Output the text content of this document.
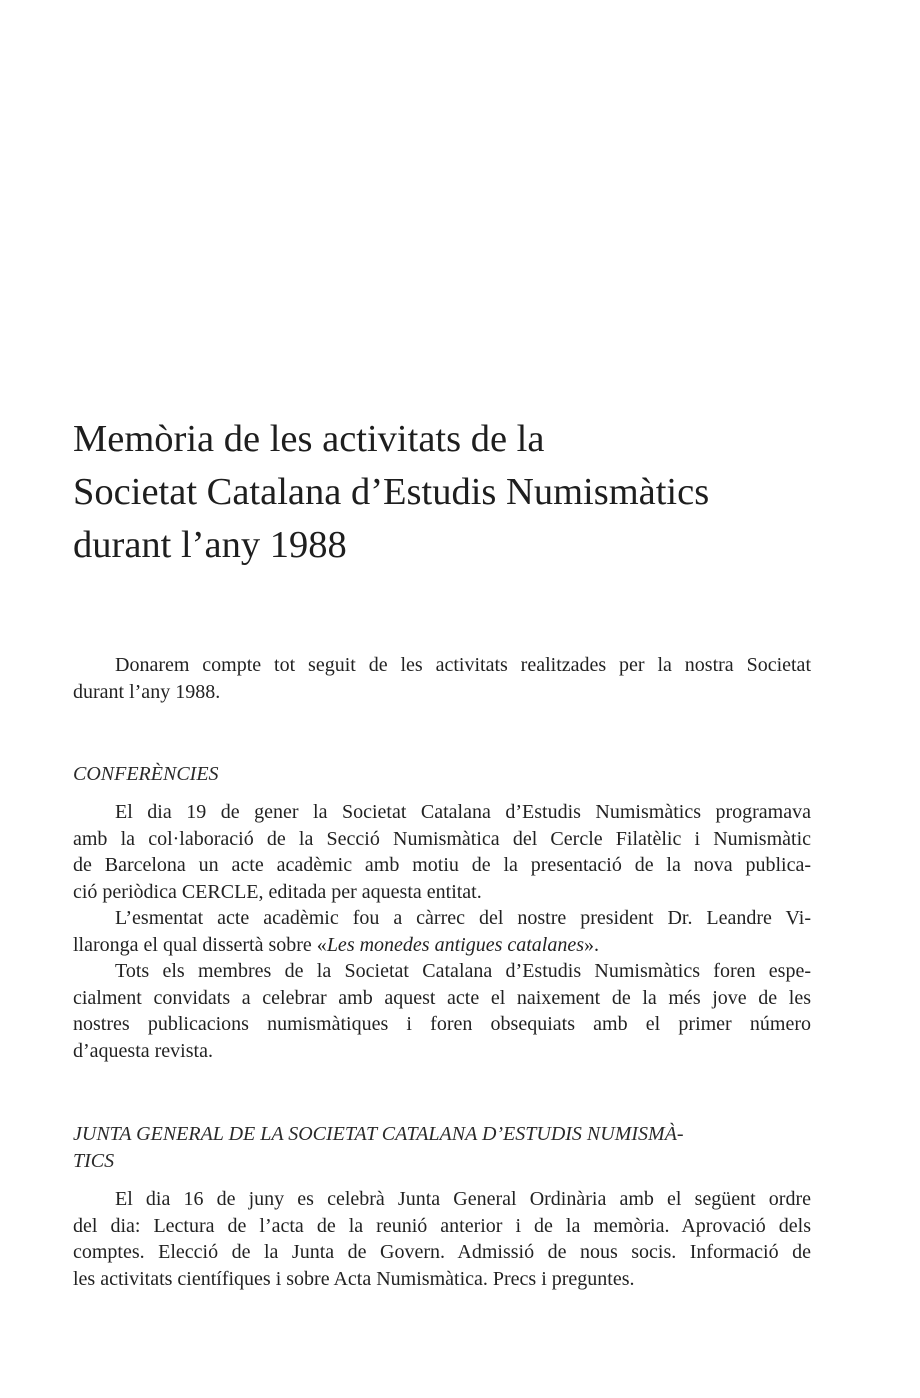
Memòria de les activitats de la
Societat Catalana d’Estudis Numismàtics
durant l’any 1988
Donarem compte tot seguit de les activitats realitzades per la nostra Societat
durant l’any 1988.
CONFERÈNCIES
El dia 19 de gener la Societat Catalana d’Estudis Numismàtics programava
amb la col·laboració de la Secció Numismàtica del Cercle Filatèlic i Numismàtic
de Barcelona un acte acadèmic amb motiu de la presentació de la nova publica-
ció periòdica CERCLE, editada per aquesta entitat.
L’esmentat acte acadèmic fou a càrrec del nostre president Dr. Leandre Vi-
llaronga el qual dissertà sobre «Les monedes antigues catalanes».
Tots els membres de la Societat Catalana d’Estudis Numismàtics foren espe-
cialment convidats a celebrar amb aquest acte el naixement de la més jove de les
nostres publicacions numismàtiques i foren obsequiats amb el primer número
d’aquesta revista.
JUNTA GENERAL DE LA SOCIETAT CATALANA D’ESTUDIS NUMISMÀ-
TICS
El dia 16 de juny es celebrà Junta General Ordinària amb el següent ordre
del dia: Lectura de l’acta de la reunió anterior i de la memòria. Aprovació dels
comptes. Elecció de la Junta de Govern. Admissió de nous socis. Informació de
les activitats científiques i sobre Acta Numismàtica. Precs i preguntes.
